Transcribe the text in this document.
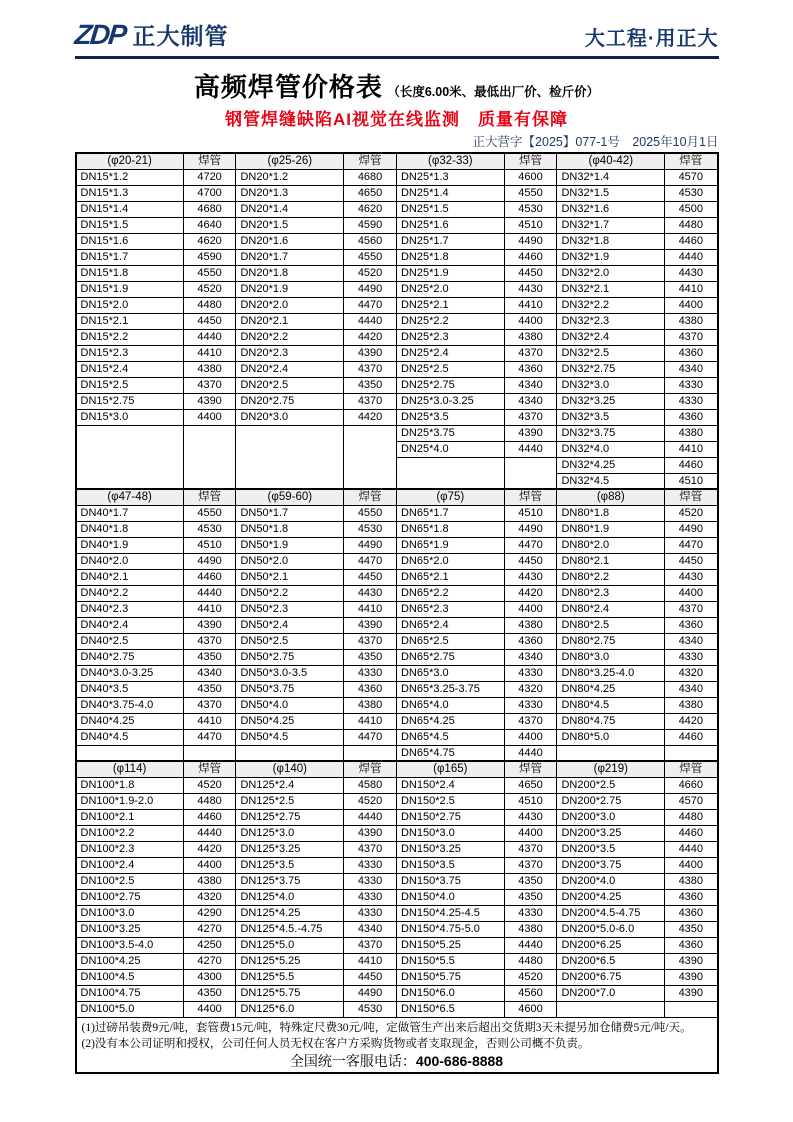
ZDP 正大制管	大工程·用正大
高频焊管价格表 （长度6.00米、最低出厂价、检斤价）
钢管焊缝缺陷AI视觉在线监测　质量有保障
正大营字【2025】077-1号　2025年10月1日
(1)过磅吊装费9元/吨，套管费15元/吨，特殊定尺费30元/吨，定做管生产出来后超出交货期3天未提另加仓储费5元/吨/天。
(2)没有本公司证明和授权，公司任何人员无权在客户方采购货物或者支取现金，否则公司概不负责。
全国统一客服电话：400-686-8888							

(φ20-21)	焊管	(φ25-26)	焊管	(φ32-33)	焊管	(φ40-42)	焊管
DN15*1.2	4720	DN20*1.2	4680	DN25*1.3	4600	DN32*1.4	4570
DN15*1.3	4700	DN20*1.3	4650	DN25*1.4	4550	DN32*1.5	4530
DN15*1.4	4680	DN20*1.4	4620	DN25*1.5	4530	DN32*1.6	4500
DN15*1.5	4640	DN20*1.5	4590	DN25*1.6	4510	DN32*1.7	4480
DN15*1.6	4620	DN20*1.6	4560	DN25*1.7	4490	DN32*1.8	4460
DN15*1.7	4590	DN20*1.7	4550	DN25*1.8	4460	DN32*1.9	4440
DN15*1.8	4550	DN20*1.8	4520	DN25*1.9	4450	DN32*2.0	4430
DN15*1.9	4520	DN20*1.9	4490	DN25*2.0	4430	DN32*2.1	4410
DN15*2.0	4480	DN20*2.0	4470	DN25*2.1	4410	DN32*2.2	4400
DN15*2.1	4450	DN20*2.1	4440	DN25*2.2	4400	DN32*2.3	4380
DN15*2.2	4440	DN20*2.2	4420	DN25*2.3	4380	DN32*2.4	4370
DN15*2.3	4410	DN20*2.3	4390	DN25*2.4	4370	DN32*2.5	4360
DN15*2.4	4380	DN20*2.4	4370	DN25*2.5	4360	DN32*2.75	4340
DN15*2.5	4370	DN20*2.5	4350	DN25*2.75	4340	DN32*3.0	4330
DN15*2.75	4390	DN20*2.75	4370	DN25*3.0-3.25	4340	DN32*3.25	4330
DN15*3.0	4400	DN20*3.0	4420	DN25*3.5	4370	DN32*3.5	4360
				DN25*3.75	4390	DN32*3.75	4380
				DN25*4.0	4440	DN32*4.0	4410
						DN32*4.25	4460
						DN32*4.5	4510
(φ47-48)	焊管	(φ59-60)	焊管	(φ75)	焊管	(φ88)	焊管
DN40*1.7	4550	DN50*1.7	4550	DN65*1.7	4510	DN80*1.8	4520
DN40*1.8	4530	DN50*1.8	4530	DN65*1.8	4490	DN80*1.9	4490
DN40*1.9	4510	DN50*1.9	4490	DN65*1.9	4470	DN80*2.0	4470
DN40*2.0	4490	DN50*2.0	4470	DN65*2.0	4450	DN80*2.1	4450
DN40*2.1	4460	DN50*2.1	4450	DN65*2.1	4430	DN80*2.2	4430
DN40*2.2	4440	DN50*2.2	4430	DN65*2.2	4420	DN80*2.3	4400
DN40*2.3	4410	DN50*2.3	4410	DN65*2.3	4400	DN80*2.4	4370
DN40*2.4	4390	DN50*2.4	4390	DN65*2.4	4380	DN80*2.5	4360
DN40*2.5	4370	DN50*2.5	4370	DN65*2.5	4360	DN80*2.75	4340
DN40*2.75	4350	DN50*2.75	4350	DN65*2.75	4340	DN80*3.0	4330
DN40*3.0-3.25	4340	DN50*3.0-3.5	4330	DN65*3.0	4330	DN80*3.25-4.0	4320
DN40*3.5	4350	DN50*3.75	4360	DN65*3.25-3.75	4320	DN80*4.25	4340
DN40*3.75-4.0	4370	DN50*4.0	4380	DN65*4.0	4330	DN80*4.5	4380
DN40*4.25	4410	DN50*4.25	4410	DN65*4.25	4370	DN80*4.75	4420
DN40*4.5	4470	DN50*4.5	4470	DN65*4.5	4400	DN80*5.0	4460
				DN65*4.75	4440		
(φ114)	焊管	(φ140)	焊管	(φ165)	焊管	(φ219)	焊管
DN100*1.8	4520	DN125*2.4	4580	DN150*2.4	4650	DN200*2.5	4660
DN100*1.9-2.0	4480	DN125*2.5	4520	DN150*2.5	4510	DN200*2.75	4570
DN100*2.1	4460	DN125*2.75	4440	DN150*2.75	4430	DN200*3.0	4480
DN100*2.2	4440	DN125*3.0	4390	DN150*3.0	4400	DN200*3.25	4460
DN100*2.3	4420	DN125*3.25	4370	DN150*3.25	4370	DN200*3.5	4440
DN100*2.4	4400	DN125*3.5	4330	DN150*3.5	4370	DN200*3.75	4400
DN100*2.5	4380	DN125*3.75	4330	DN150*3.75	4350	DN200*4.0	4380
DN100*2.75	4320	DN125*4.0	4330	DN150*4.0	4350	DN200*4.25	4360
DN100*3.0	4290	DN125*4.25	4330	DN150*4.25-4.5	4330	DN200*4.5-4.75	4360
DN100*3.25	4270	DN125*4.5.-4.75	4340	DN150*4.75-5.0	4380	DN200*5.0-6.0	4350
DN100*3.5-4.0	4250	DN125*5.0	4370	DN150*5.25	4440	DN200*6.25	4360
DN100*4.25	4270	DN125*5.25	4410	DN150*5.5	4480	DN200*6.5	4390
DN100*4.5	4300	DN125*5.5	4450	DN150*5.75	4520	DN200*6.75	4390
DN100*4.75	4350	DN125*5.75	4490	DN150*6.0	4560	DN200*7.0	4390
DN100*5.0	4400	DN125*6.0	4530	DN150*6.5	4600		
